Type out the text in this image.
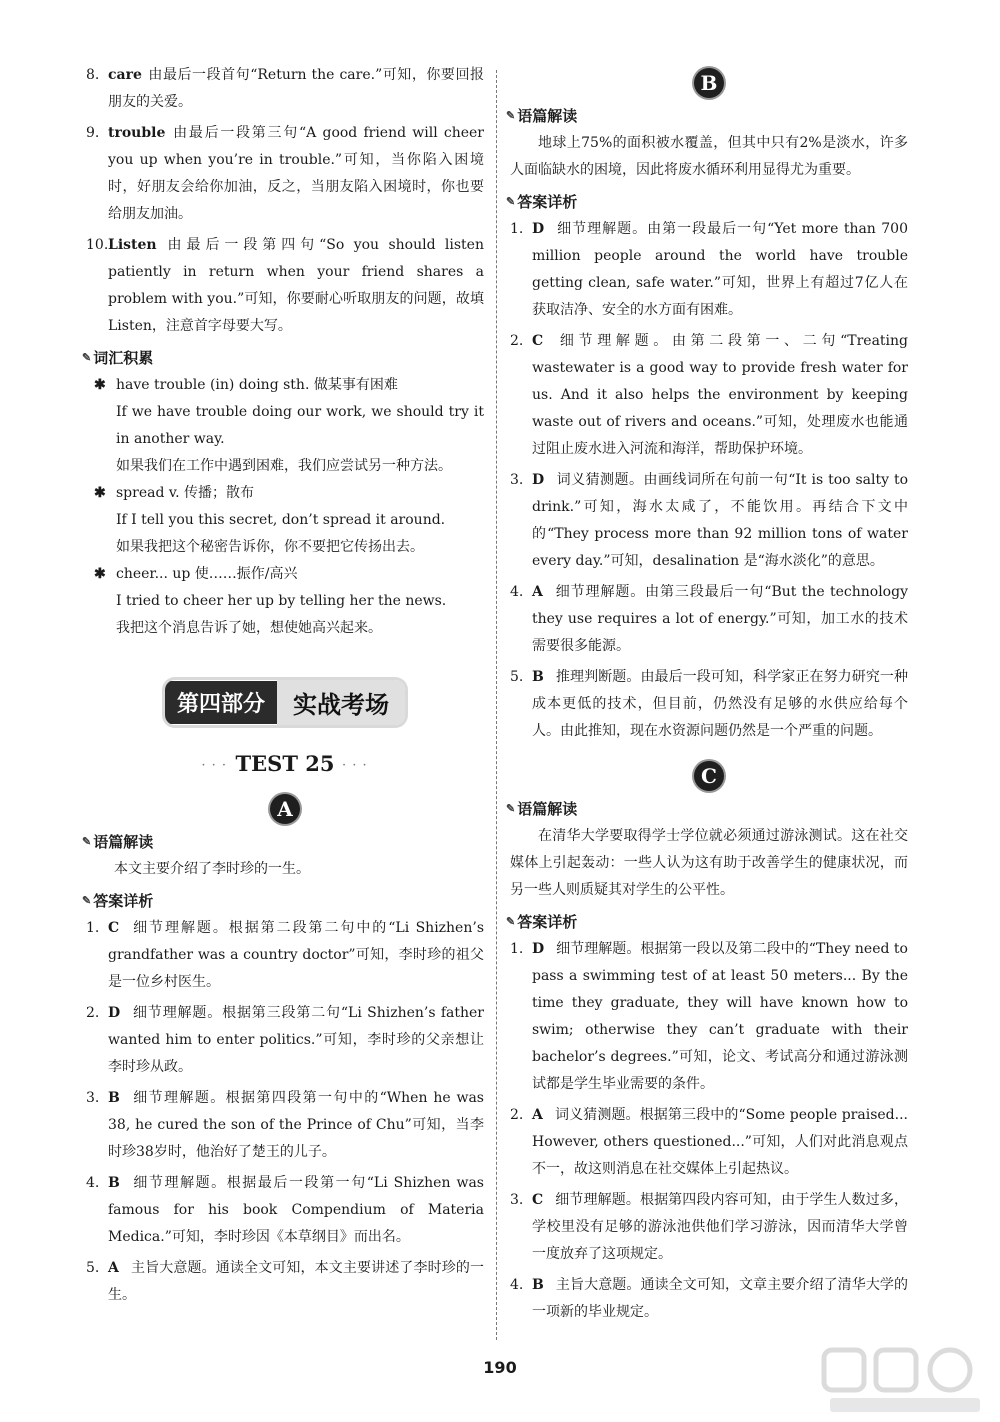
8. care 由最后一段首句“Return the care.”可知，你要回报朋友的关爱。
9. trouble 由最后一段第三句“A good friend will cheer you up when you’re in trouble.”可知，当你陷入困境时，好朋友会给你加油，反之，当朋友陷入困境时，你也要给朋友加油。
10. Listen 由最后一段第四句“So you should listen patiently in return when your friend shares a problem with you.”可知，你要耐心听取朋友的问题，故填 Listen，注意首字母要大写。
✎ 词汇积累
✱ have trouble (in) doing sth. 做某事有困难
If we have trouble doing our work, we should try it in another way.
如果我们在工作中遇到困难，我们应尝试另一种方法。
✱ spread v. 传播；散布
If I tell you this secret, don’t spread it around.
如果我把这个秘密告诉你，你不要把它传扬出去。
✱ cheer... up 使……振作/高兴
I tried to cheer her up by telling her the news.
我把这个消息告诉了她，想使她高兴起来。
第四部分	实战考场
· · · TEST 25 · · ·
A
✎ 语篇解读
本文主要介绍了李时珍的一生。
✎ 答案详析
1. C 细节理解题。根据第二段第二句中的“Li Shizhen’s grandfather was a country doctor”可知，李时珍的祖父是一位乡村医生。
2. D 细节理解题。根据第三段第二句“Li Shizhen’s father wanted him to enter politics.”可知，李时珍的父亲想让李时珍从政。
3. B 细节理解题。根据第四段第一句中的“When he was 38, he cured the son of the Prince of Chu”可知，当李时珍38岁时，他治好了楚王的儿子。
4. B 细节理解题。根据最后一段第一句“Li Shizhen was famous for his book Compendium of Materia Medica.”可知，李时珍因《本草纲目》而出名。
5. A 主旨大意题。通读全文可知，本文主要讲述了李时珍的一生。
B
✎ 语篇解读
地球上75%的面积被水覆盖，但其中只有2%是淡水，许多人面临缺水的困境，因此将废水循环利用显得尤为重要。
✎ 答案详析
1. D 细节理解题。由第一段最后一句“Yet more than 700 million people around the world have trouble getting clean, safe water.”可知，世界上有超过7亿人在获取洁净、安全的水方面有困难。
2. C 细节理解题。由第二段第一、二句“Treating wastewater is a good way to provide fresh water for us. And it also helps the environment by keeping waste out of rivers and oceans.”可知，处理废水也能通过阻止废水进入河流和海洋，帮助保护环境。
3. D 词义猜测题。由画线词所在句前一句“It is too salty to drink.”可知，海水太咸了，不能饮用。再结合下文中的“They process more than 92 million tons of water every day.”可知，desalination 是“海水淡化”的意思。
4. A 细节理解题。由第三段最后一句“But the technology they use requires a lot of energy.”可知，加工水的技术需要很多能源。
5. B 推理判断题。由最后一段可知，科学家正在努力研究一种成本更低的技术，但目前，仍然没有足够的水供应给每个人。由此推知，现在水资源问题仍然是一个严重的问题。
C
✎ 语篇解读
在清华大学要取得学士学位就必须通过游泳测试。这在社交媒体上引起轰动：一些人认为这有助于改善学生的健康状况，而另一些人则质疑其对学生的公平性。
✎ 答案详析
1. D 细节理解题。根据第一段以及第二段中的“They need to pass a swimming test of at least 50 meters... By the time they graduate, they will have known how to swim; otherwise they can’t graduate with their bachelor’s degrees.”可知，论文、考试高分和通过游泳测试都是学生毕业需要的条件。
2. A 词义猜测题。根据第三段中的“Some people praised... However, others questioned...”可知，人们对此消息观点不一，故这则消息在社交媒体上引起热议。
3. C 细节理解题。根据第四段内容可知，由于学生人数过多，学校里没有足够的游泳池供他们学习游泳，因而清华大学曾一度放弃了这项规定。
4. B 主旨大意题。通读全文可知，文章主要介绍了清华大学的一项新的毕业规定。
190
